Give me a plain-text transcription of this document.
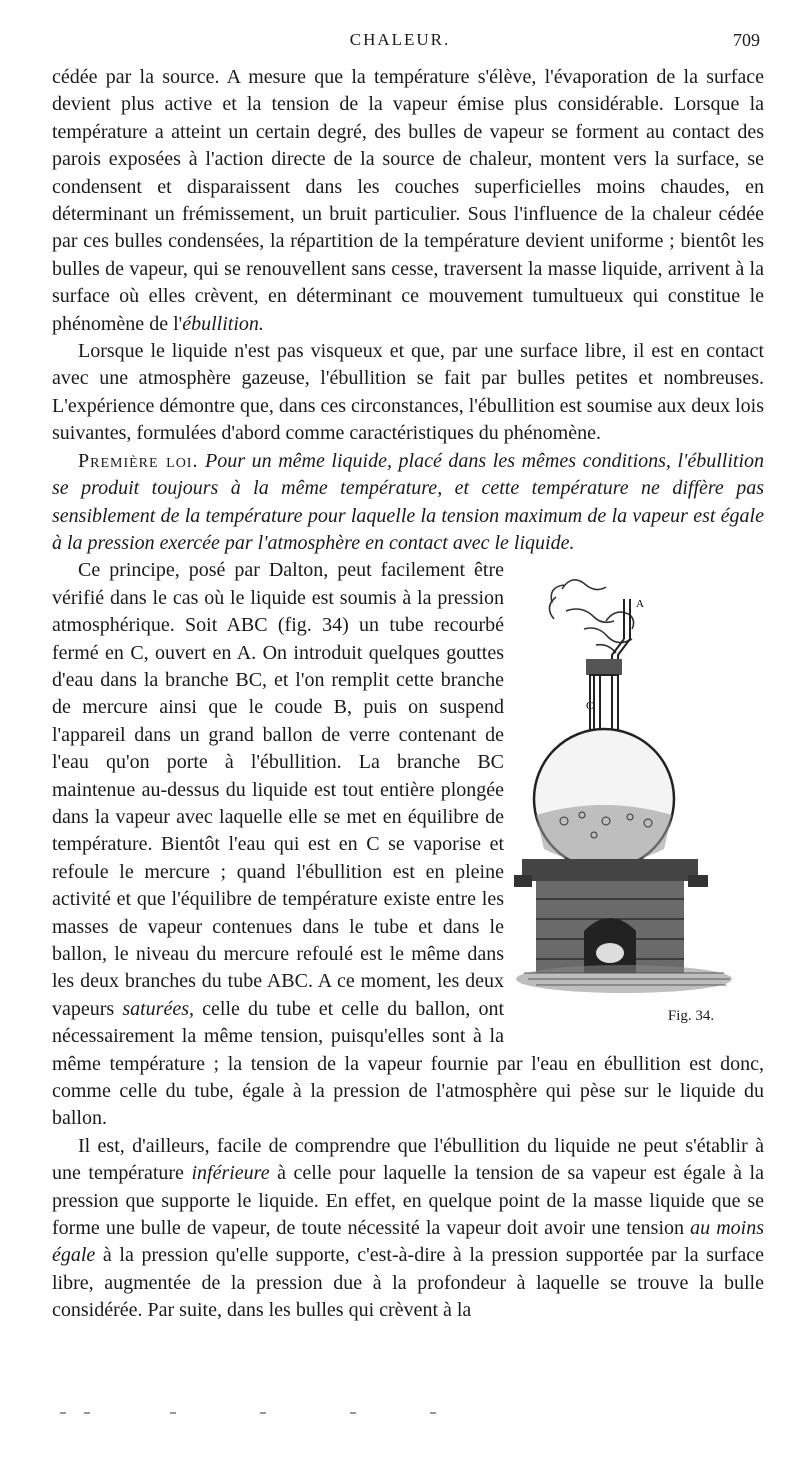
CHALEUR.	709

cédée par la source. A mesure que la température s'élève, l'évaporation de la surface devient plus active et la tension de la vapeur émise plus considérable. Lorsque la température a atteint un certain degré, des bulles de vapeur se forment au contact des parois exposées à l'action directe de la source de chaleur, montent vers la surface, se condensent et disparaissent dans les couches superficielles moins chaudes, en déterminant un frémissement, un bruit particulier. Sous l'influence de la chaleur cédée par ces bulles condensées, la répartition de la température devient uniforme ; bientôt les bulles de vapeur, qui se renouvellent sans cesse, traversent la masse liquide, arrivent à la surface où elles crèvent, en déterminant ce mouvement tumultueux qui constitue le phénomène de l'ébullition.

Lorsque le liquide n'est pas visqueux et que, par une surface libre, il est en contact avec une atmosphère gazeuse, l'ébullition se fait par bulles petites et nombreuses. L'expérience démontre que, dans ces circonstances, l'ébullition est soumise aux deux lois suivantes, formulées d'abord comme caractéristiques du phénomène.

Première loi. Pour un même liquide, placé dans les mêmes conditions, l'ébullition se produit toujours à la même température, et cette température ne diffère pas sensiblement de la température pour laquelle la tension maximum de la vapeur est égale à la pression exercée par l'atmosphère en contact avec le liquide.

A
C
Fig. 34.
Ce principe, posé par Dalton, peut facilement être vérifié dans le cas où le liquide est soumis à la pression atmosphérique. Soit ABC (fig. 34) un tube recourbé fermé en C, ouvert en A. On introduit quelques gouttes d'eau dans la branche BC, et l'on remplit cette branche de mercure ainsi que le coude B, puis on suspend l'appareil dans un grand ballon de verre contenant de l'eau qu'on porte à l'ébullition. La branche BC maintenue au-dessus du liquide est tout entière plongée dans la vapeur avec laquelle elle se met en équilibre de température. Bientôt l'eau qui est en C se vaporise et refoule le mercure ; quand l'ébullition est en pleine activité et que l'équilibre de température existe entre les masses de vapeur contenues dans le tube et dans le ballon, le niveau du mercure refoulé est le même dans les deux branches du tube ABC. A ce moment, les deux vapeurs saturées, celle du tube et celle du ballon, ont nécessairement la même tension, puisqu'elles sont à la même température ; la tension de la vapeur fournie par l'eau en ébullition est donc, comme celle du tube, égale à la pression de l'atmosphère qui pèse sur le liquide du ballon.

Il est, d'ailleurs, facile de comprendre que l'ébullition du liquide ne peut s'établir à une température inférieure à celle pour laquelle la tension de sa vapeur est égale à la pression que supporte le liquide. En effet, en quelque point de la masse liquide que se forme une bulle de vapeur, de toute nécessité la vapeur doit avoir une tension au moins égale à la pression qu'elle supporte, c'est-à-dire à la pression supportée par la surface libre, augmentée de la pression due à la profondeur à laquelle se trouve la bulle considérée. Par suite, dans les bulles qui crèvent à la
